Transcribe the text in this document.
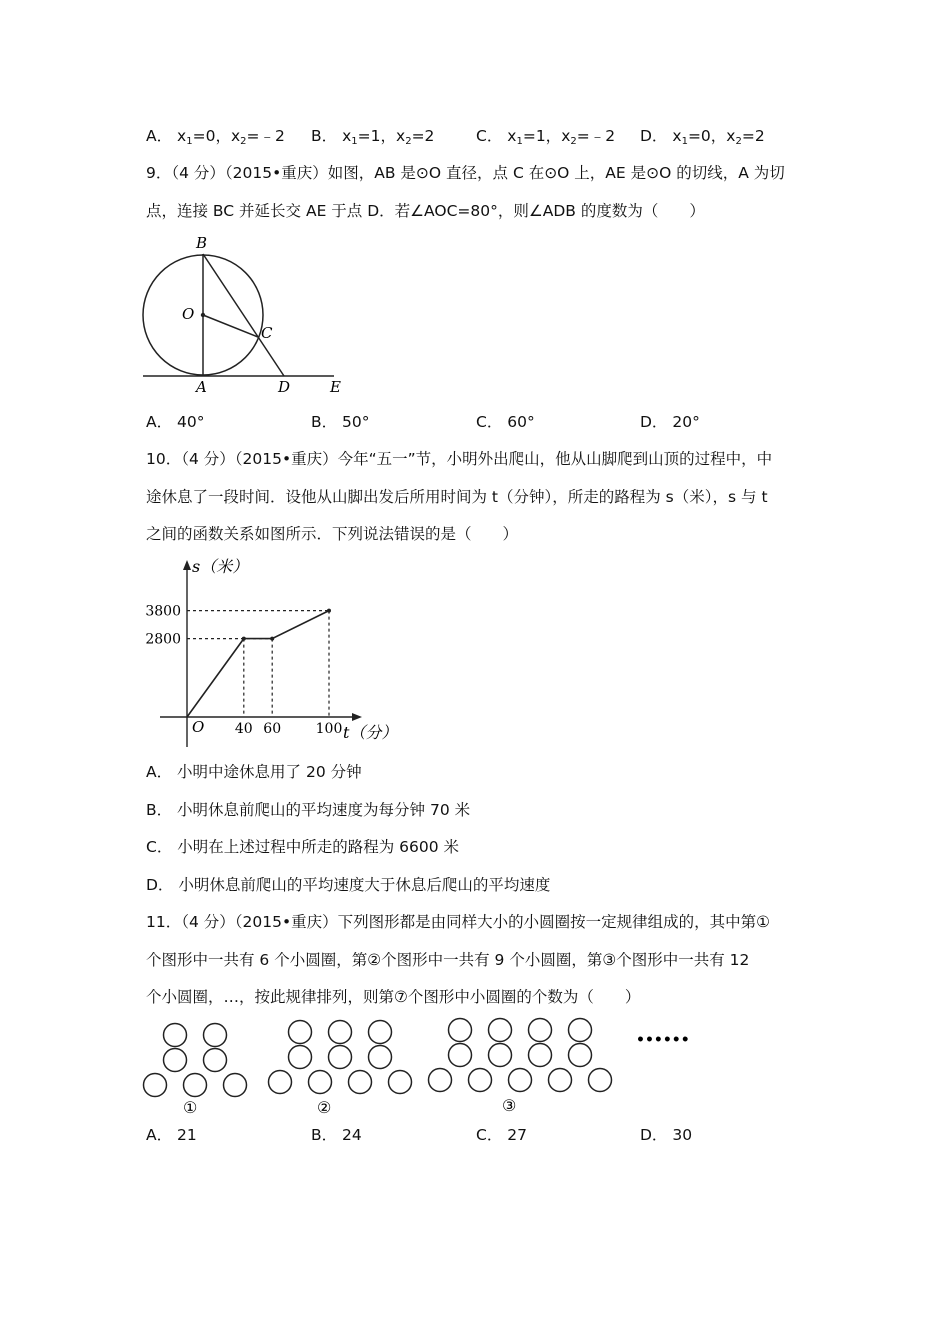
A． $x_1=0$，$x_2=﹣2$ B． $x_1=1$，$x_2=2$	C． $x_1=1$，$x_2=﹣2$ D． $x_1=0$，$x_2=2$
9．（4 分）（2015•重庆）如图，AB 是⊙O 直径，点 C 在⊙O 上，AE 是⊙O 的切线，A 为切
点，连接 BC 并延长交 AE 于点 D．若∠AOC=80°，则∠ADB 的度数为（　　）
B
O
C
A	D	E
A． 40°	B． 50°	C． 60°	D． 20°
10．（4 分）（2015•重庆）今年“五一”节，小明外出爬山，他从山脚爬到山顶的过程中，中
途休息了一段时间．设他从山脚出发后所用时间为 t（分钟），所走的路程为 s（米），s 与 t
之间的函数关系如图所示．下列说法错误的是（　　）
s（米）
t（分）
O 40 60 100
2800
3800
A． 小明中途休息用了 20 分钟
B． 小明休息前爬山的平均速度为每分钟 70 米
C． 小明在上述过程中所走的路程为 6600 米
D． 小明休息前爬山的平均速度大于休息后爬山的平均速度
11．（4 分）（2015•重庆）下列图形都是由同样大小的小圆圈按一定规律组成的，其中第①
个图形中一共有 6 个小圆圈，第②个图形中一共有 9 个小圆圈，第③个图形中一共有 12
个小圆圈，…，按此规律排列，则第⑦个图形中小圆圈的个数为（　　）
①	②	③
••••••
A． 21	B． 24	C． 27	D． 30
